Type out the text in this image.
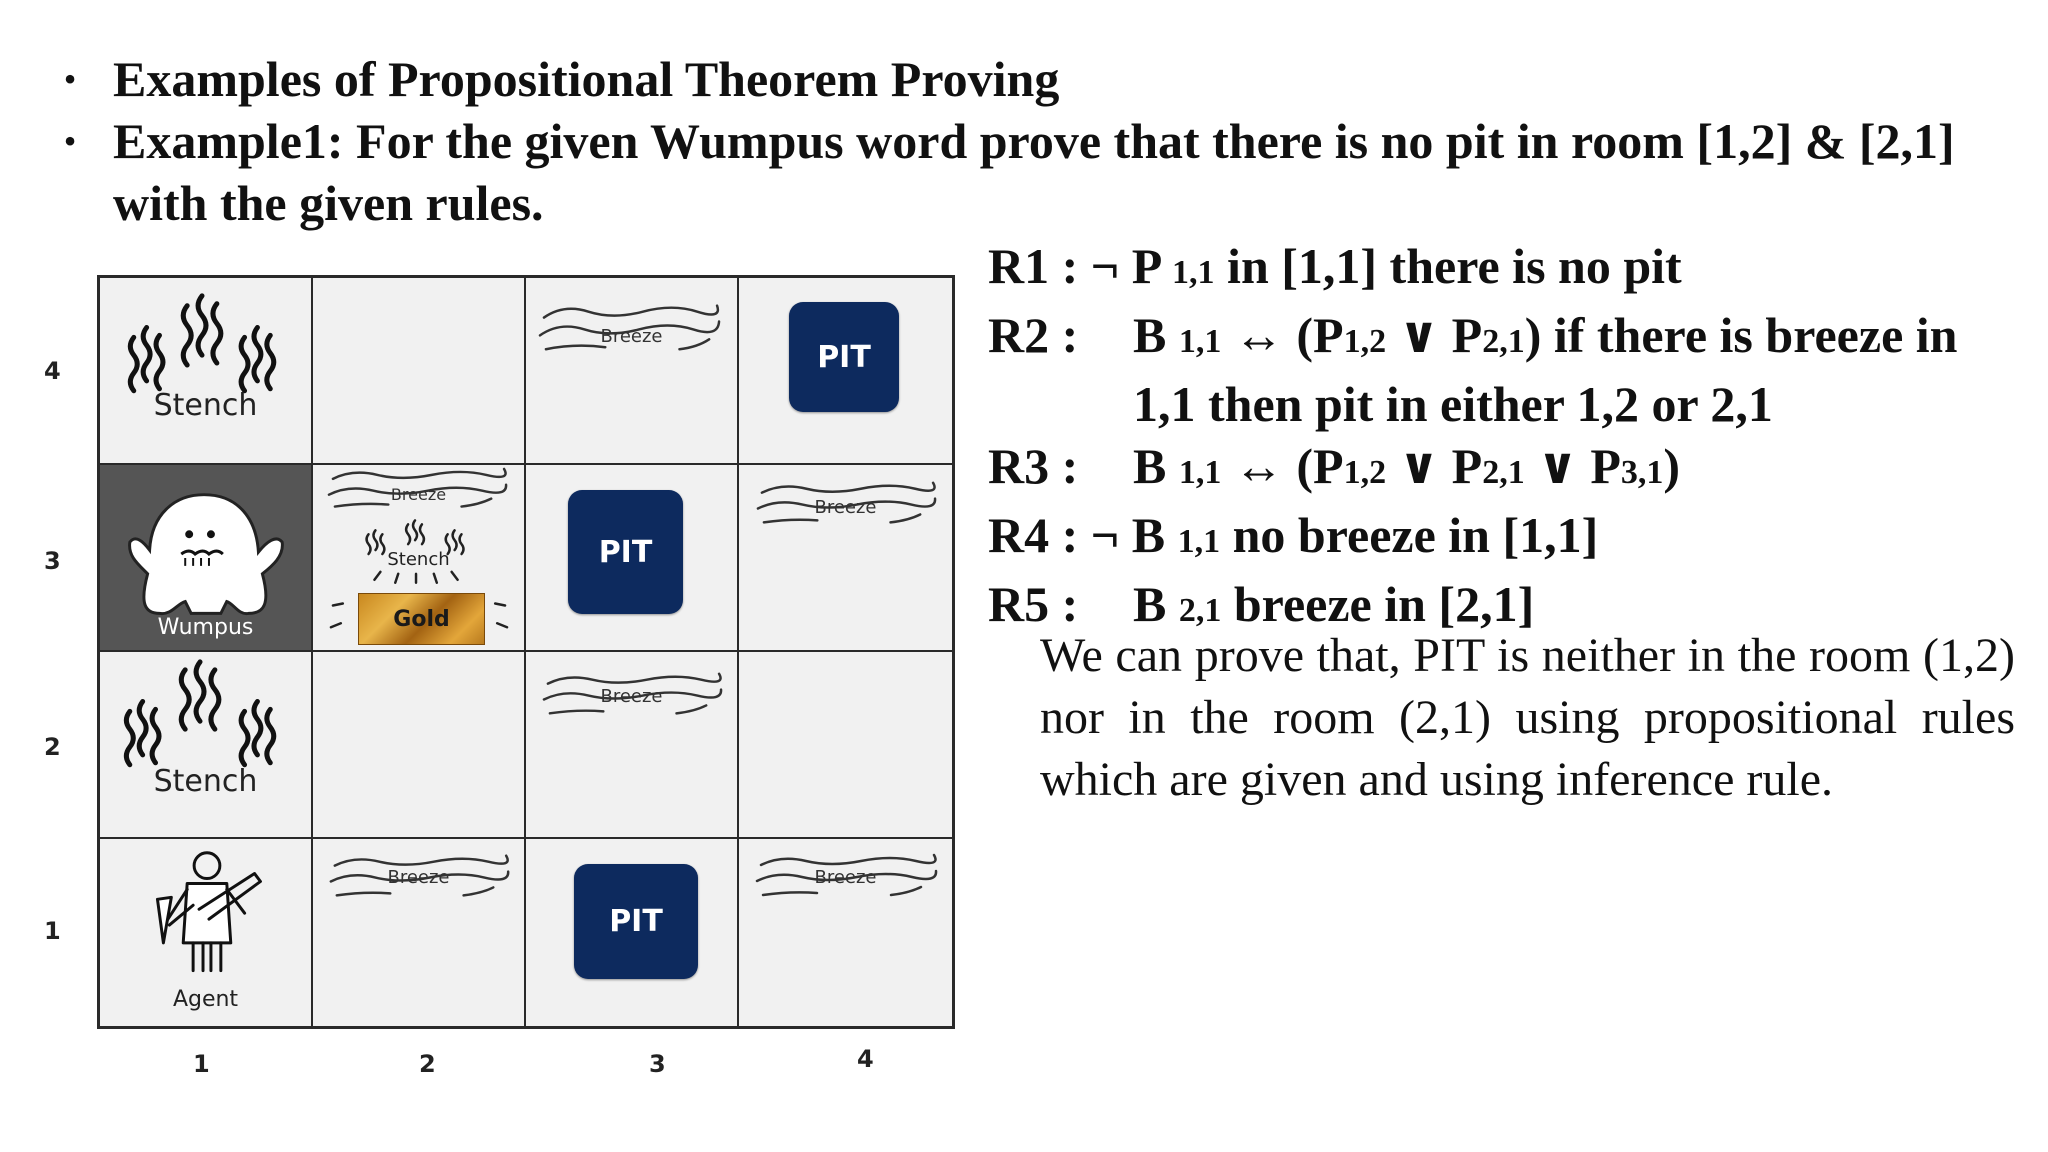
• Examples of Propositional Theorem Proving
• Example1: For the given Wumpus word prove that there is no pit in room [1,2] & [2,1] with the given rules.
4
3
2
1
1	2	3	4
Stench
Breeze
PIT
Wumpus
Breeze
Stench
Gold
PIT
Breeze
Stench
Breeze
Agent
Breeze
PIT
Breeze
R1 : ¬ P 1,1 in [1,1] there is no pit
R2 : B 1,1 ↔ (P1,2 ∨ P2,1) if there is breeze in
1,1 then pit in either 1,2 or 2,1
R3 : B 1,1 ↔ (P1,2 ∨ P2,1 ∨ P3,1)
R4 : ¬ B 1,1 no breeze in [1,1]
R5 : B 2,1 breeze in [2,1]
We can prove that, PIT is neither in the room (1,2) nor in the room (2,1) using propositional rules which are given and using inference rule.
